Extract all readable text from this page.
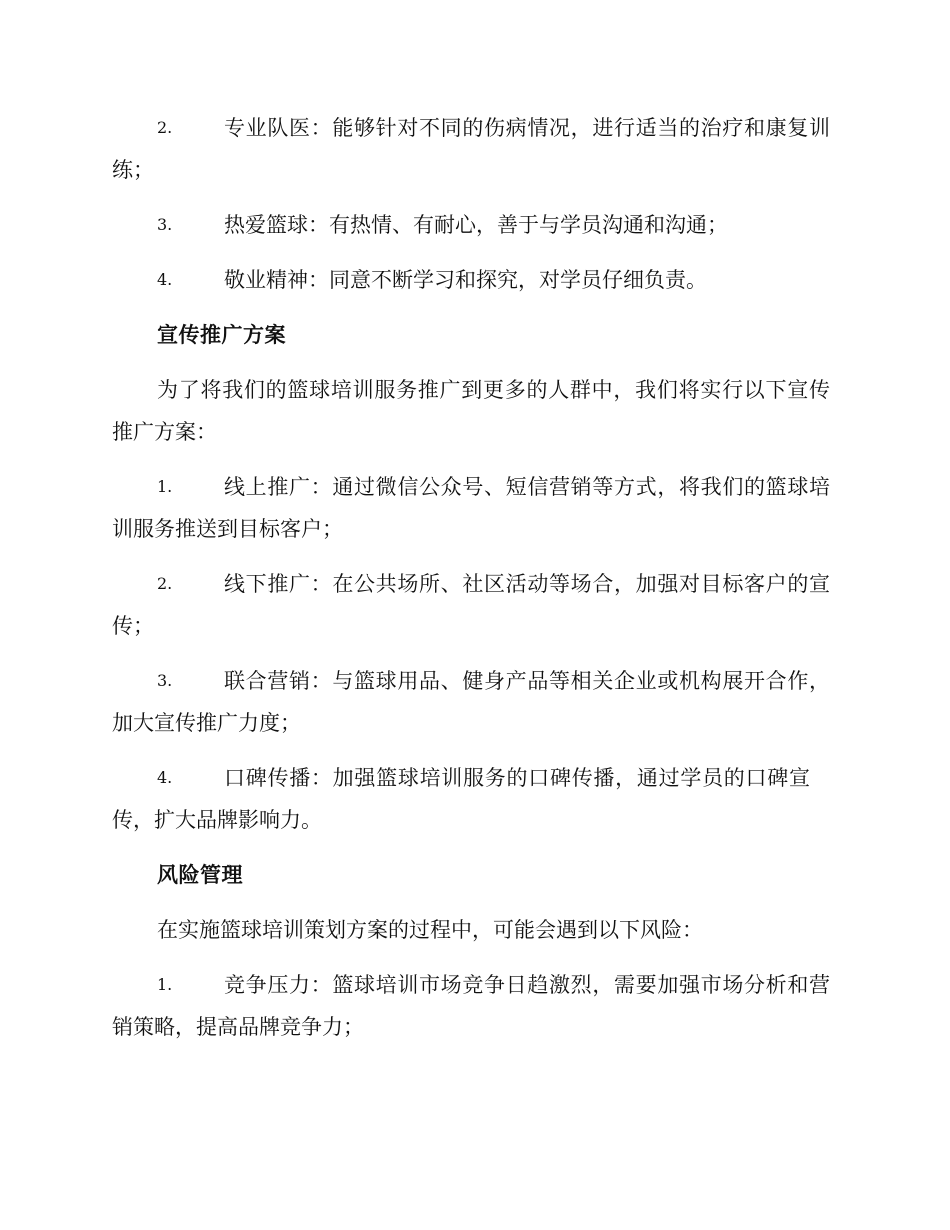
2.	专业队医：能够针对不同的伤病情况，进行适当的治疗和康复训
练；
3.	热爱篮球：有热情、有耐心，善于与学员沟通和沟通；
4.	敬业精神：同意不断学习和探究，对学员仔细负责。
宣传推广方案
为了将我们的篮球培训服务推广到更多的人群中，我们将实行以下宣传
推广方案：
1.	线上推广：通过微信公众号、短信营销等方式，将我们的篮球培
训服务推送到目标客户；
2.	线下推广：在公共场所、社区活动等场合，加强对目标客户的宣
传；
3.	联合营销：与篮球用品、健身产品等相关企业或机构展开合作，
加大宣传推广力度；
4.	口碑传播：加强篮球培训服务的口碑传播，通过学员的口碑宣
传，扩大品牌影响力。
风险管理
在实施篮球培训策划方案的过程中，可能会遇到以下风险：
1.	竞争压力：篮球培训市场竞争日趋激烈，需要加强市场分析和营
销策略，提高品牌竞争力；
